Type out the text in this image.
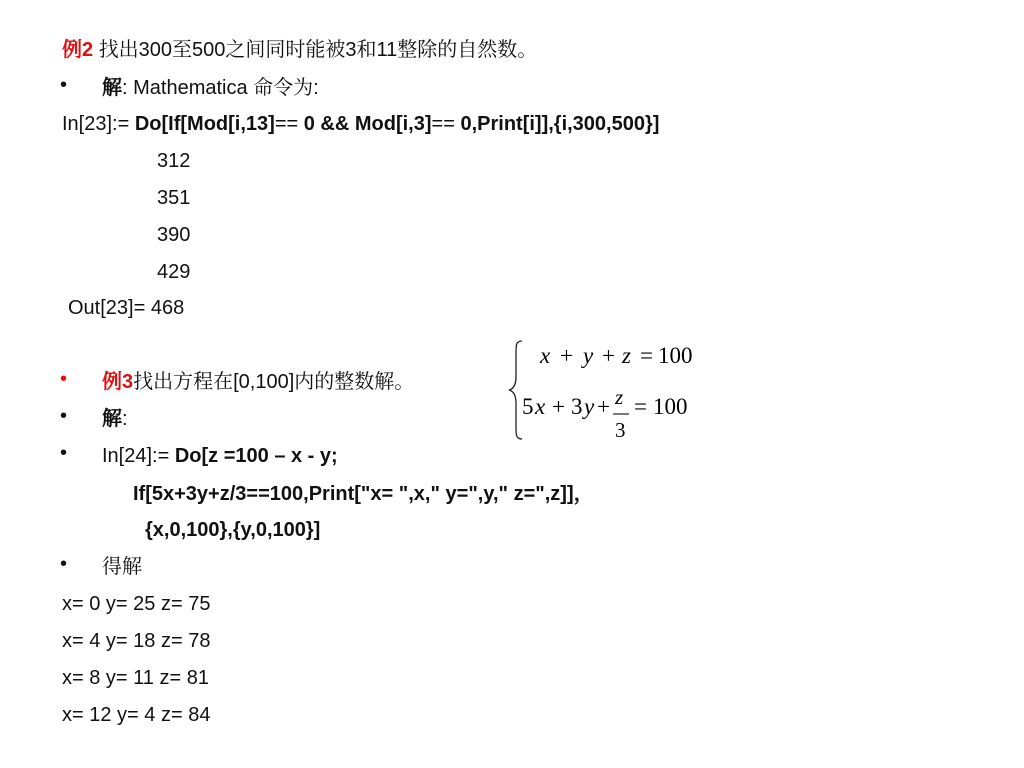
例2 找出300至500之间同时能被3和11整除的自然数。
•	解: Mathematica 命令为:
In[23]:= Do[If[Mod[i,13]== 0 && Mod[i,3]== 0,Print[i]],{i,300,500}]
312
351
390
429
Out[23]= 468
•	例3找出方程在[0,100]内的整数解。
x + y + z = 100
5 x + 3 y + z
3
= 100
•	解:
•	In[24]:= Do[z =100 – x - y;
If[5x+3y+z/3==100,Print["x= ",x," y=",y," z=",z]]，
{x,0,100},{y,0,100}]
•	得解
x= 0 y= 25 z= 75
x= 4 y= 18 z= 78
x= 8 y= 11 z= 81
x= 12 y= 4 z= 84
